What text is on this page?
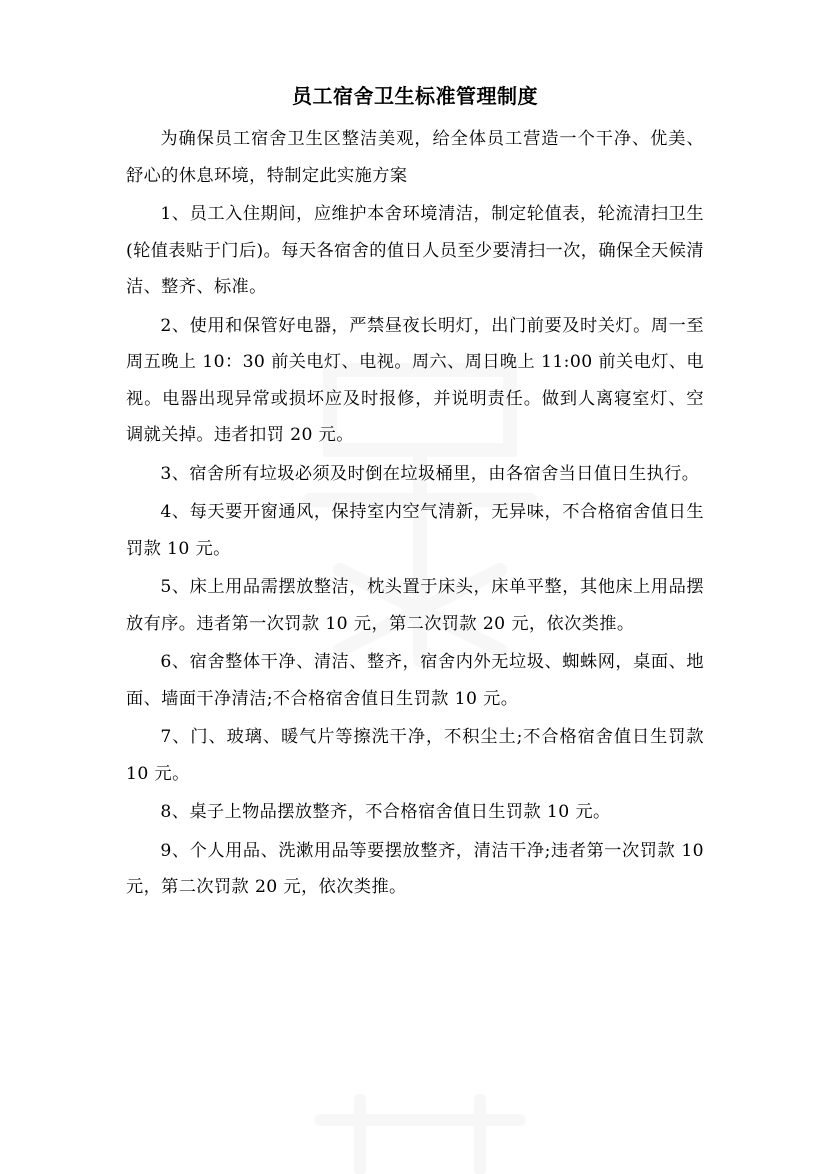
员工宿舍卫生标准管理制度

为确保员工宿舍卫生区整洁美观，给全体员工营造一个干净、优美、舒心的休息环境，特制定此实施方案

1、员工入住期间，应维护本舍环境清洁，制定轮值表，轮流清扫卫生(轮值表贴于门后)。每天各宿舍的值日人员至少要清扫一次，确保全天候清洁、整齐、标准。

2、使用和保管好电器，严禁昼夜长明灯，出门前要及时关灯。周一至周五晚上 10：30 前关电灯、电视。周六、周日晚上 11:00 前关电灯、电视。电器出现异常或损坏应及时报修，并说明责任。做到人离寝室灯、空调就关掉。违者扣罚 20 元。

3、宿舍所有垃圾必须及时倒在垃圾桶里，由各宿舍当日值日生执行。

4、每天要开窗通风，保持室内空气清新，无异味，不合格宿舍值日生罚款 10 元。

5、床上用品需摆放整洁，枕头置于床头，床单平整，其他床上用品摆放有序。违者第一次罚款 10 元，第二次罚款 20 元，依次类推。

6、宿舍整体干净、清洁、整齐，宿舍内外无垃圾、蜘蛛网，桌面、地面、墙面干净清洁;不合格宿舍值日生罚款 10 元。

7、门、玻璃、暖气片等擦洗干净，不积尘土;不合格宿舍值日生罚款 10 元。

8、桌子上物品摆放整齐，不合格宿舍值日生罚款 10 元。

9、个人用品、洗漱用品等要摆放整齐，清洁干净;违者第一次罚款 10 元，第二次罚款 20 元，依次类推。
